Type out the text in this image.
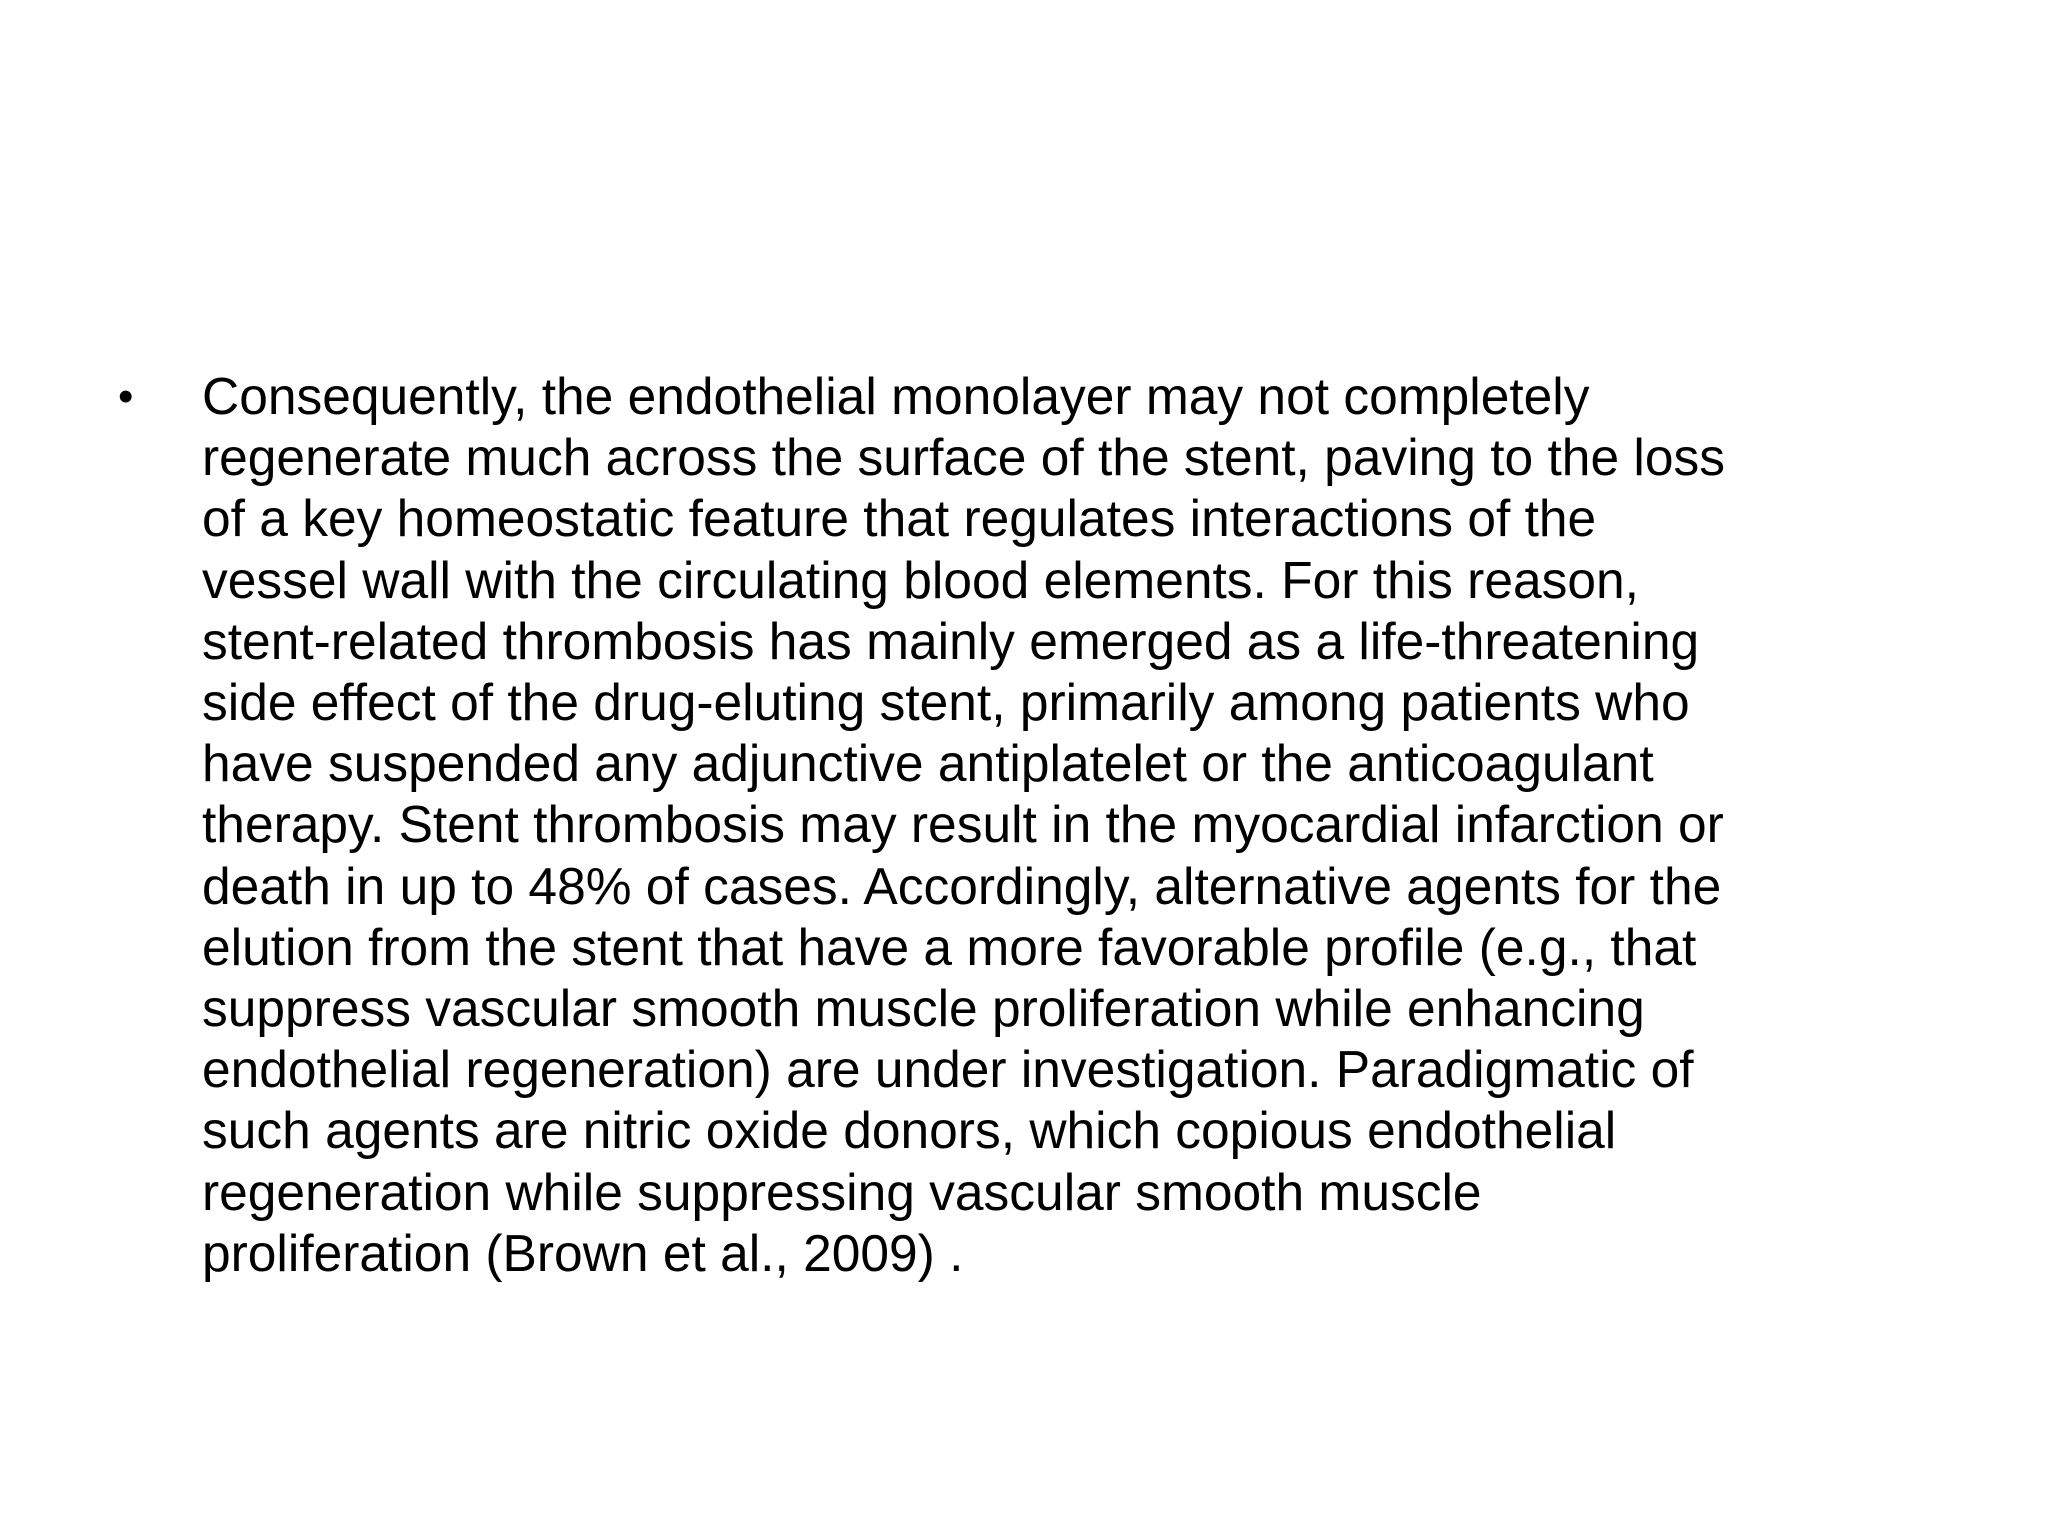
•	Consequently, the endothelial monolayer may not completely
regenerate much across the surface of the stent, paving to the loss
of a key homeostatic feature that regulates interactions of the
vessel wall with the circulating blood elements. For this reason,
stent-related thrombosis has mainly emerged as a life-threatening
side effect of the drug-eluting stent, primarily among patients who
have suspended any adjunctive antiplatelet or the anticoagulant
therapy. Stent thrombosis may result in the myocardial infarction or
death in up to 48% of cases. Accordingly, alternative agents for the
elution from the stent that have a more favorable profile (e.g., that
suppress vascular smooth muscle proliferation while enhancing
endothelial regeneration) are under investigation. Paradigmatic of
such agents are nitric oxide donors, which copious endothelial
regeneration while suppressing vascular smooth muscle
proliferation (Brown et al., 2009) .
